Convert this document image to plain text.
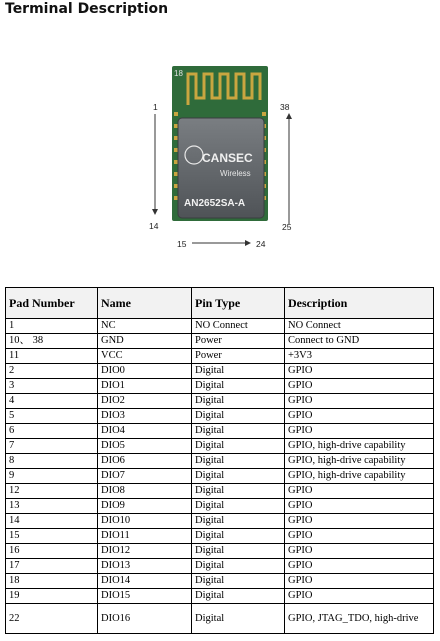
Terminal Description
CANSEC
Wireless
AN2652SA-A
18
1
14
15	24
38
25
Pad Number	Name	Pin Type	Description
1	NC	NO Connect	NO Connect
10、 38	GND	Power	Connect to GND
11	VCC	Power	+3V3
2	DIO0	Digital	GPIO
3	DIO1	Digital	GPIO
4	DIO2	Digital	GPIO
5	DIO3	Digital	GPIO
6	DIO4	Digital	GPIO
7	DIO5	Digital	GPIO, high-drive capability
8	DIO6	Digital	GPIO, high-drive capability
9	DIO7	Digital	GPIO, high-drive capability
12	DIO8	Digital	GPIO
13	DIO9	Digital	GPIO
14	DIO10	Digital	GPIO
15	DIO11	Digital	GPIO
16	DIO12	Digital	GPIO
17	DIO13	Digital	GPIO
18	DIO14	Digital	GPIO
19	DIO15	Digital	GPIO
22	DIO16	Digital	GPIO, JTAG_TDO, high-drive
